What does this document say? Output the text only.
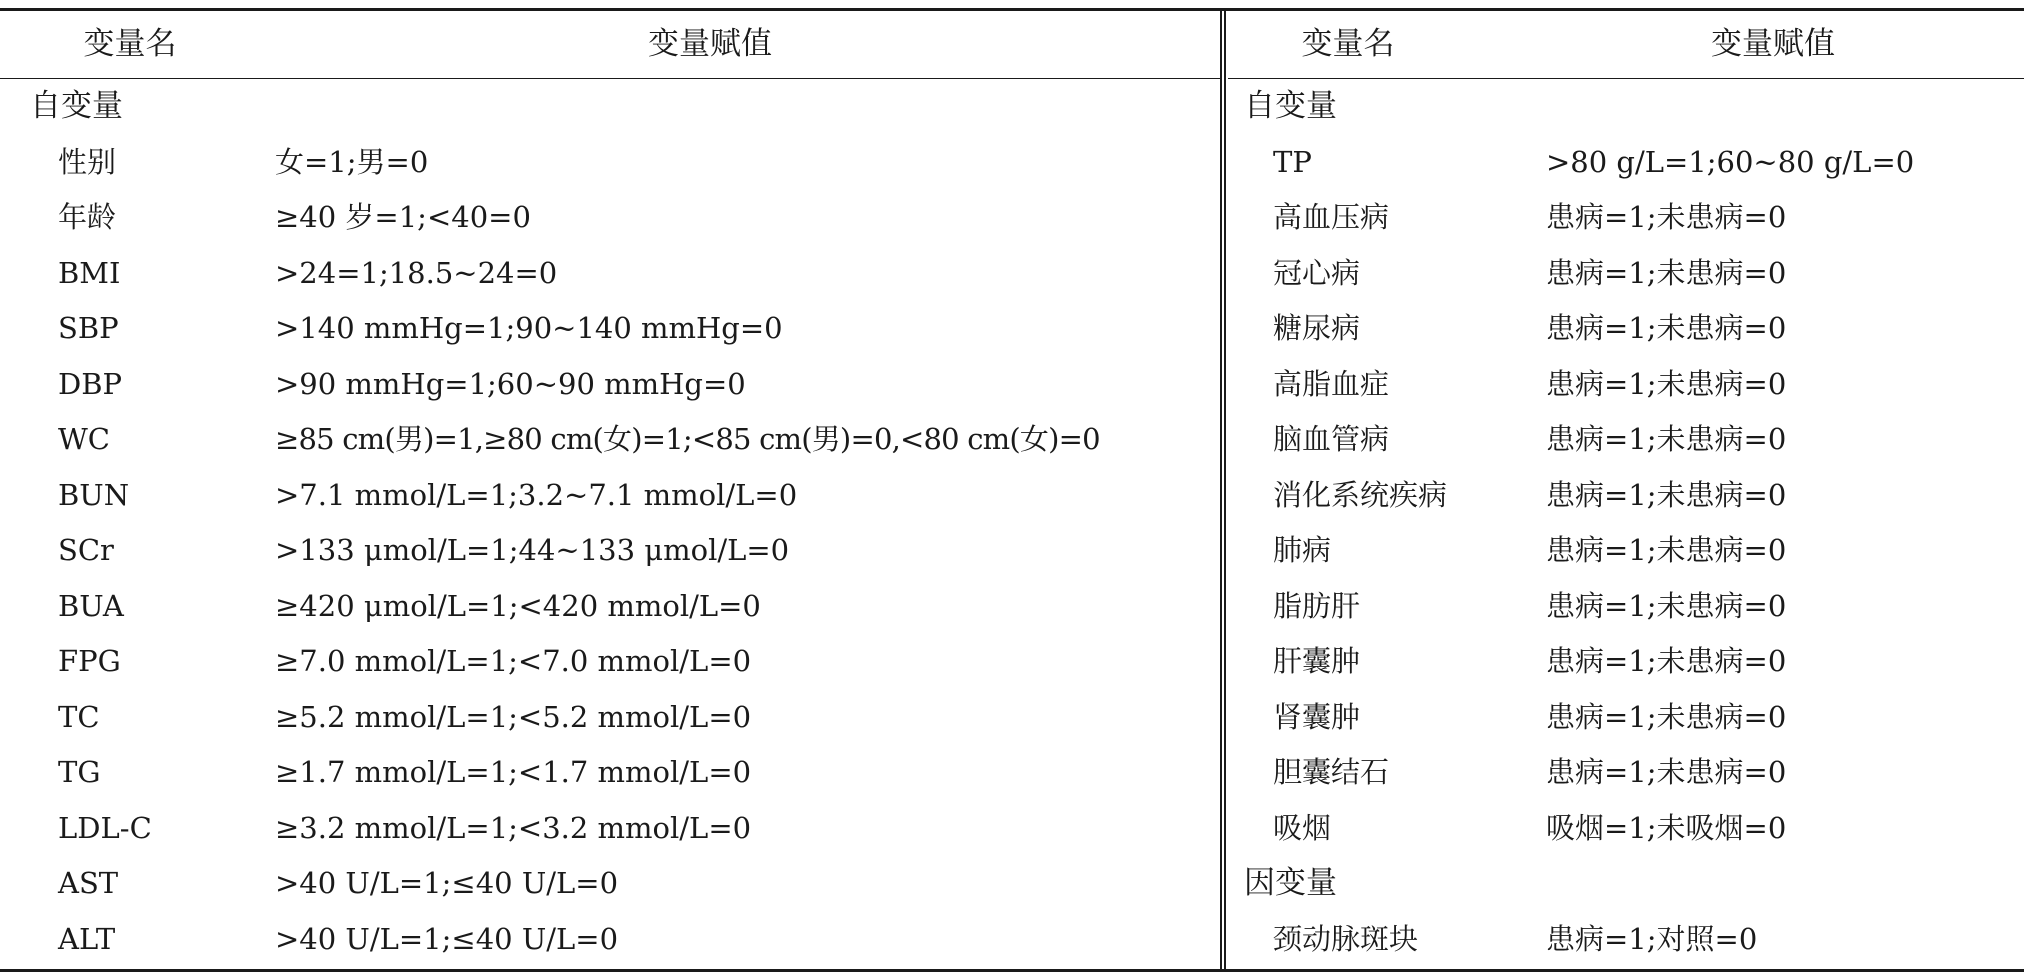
变量名	变量赋值
自变量
性别	女=1;男=0
年龄	≥40 岁=1;<40=0
BMI	>24=1;18.5~24=0
SBP	>140 mmHg=1;90~140 mmHg=0
DBP	>90 mmHg=1;60~90 mmHg=0
WC	≥85 cm(男)=1,≥80 cm(女)=1;<85 cm(男)=0,<80 cm(女)=0
BUN	>7.1 mmol/L=1;3.2~7.1 mmol/L=0
SCr	>133 μmol/L=1;44~133 μmol/L=0
BUA	≥420 μmol/L=1;<420 mmol/L=0
FPG	≥7.0 mmol/L=1;<7.0 mmol/L=0
TC	≥5.2 mmol/L=1;<5.2 mmol/L=0
TG	≥1.7 mmol/L=1;<1.7 mmol/L=0
LDL-C	≥3.2 mmol/L=1;<3.2 mmol/L=0
AST	>40 U/L=1;≤40 U/L=0
ALT	>40 U/L=1;≤40 U/L=0
变量名	变量赋值
自变量
TP	>80 g/L=1;60~80 g/L=0
高血压病	患病=1;未患病=0
冠心病	患病=1;未患病=0
糖尿病	患病=1;未患病=0
高脂血症	患病=1;未患病=0
脑血管病	患病=1;未患病=0
消化系统疾病	患病=1;未患病=0
肺病	患病=1;未患病=0
脂肪肝	患病=1;未患病=0
肝囊肿	患病=1;未患病=0
肾囊肿	患病=1;未患病=0
胆囊结石	患病=1;未患病=0
吸烟	吸烟=1;未吸烟=0
因变量
颈动脉斑块	患病=1;对照=0
